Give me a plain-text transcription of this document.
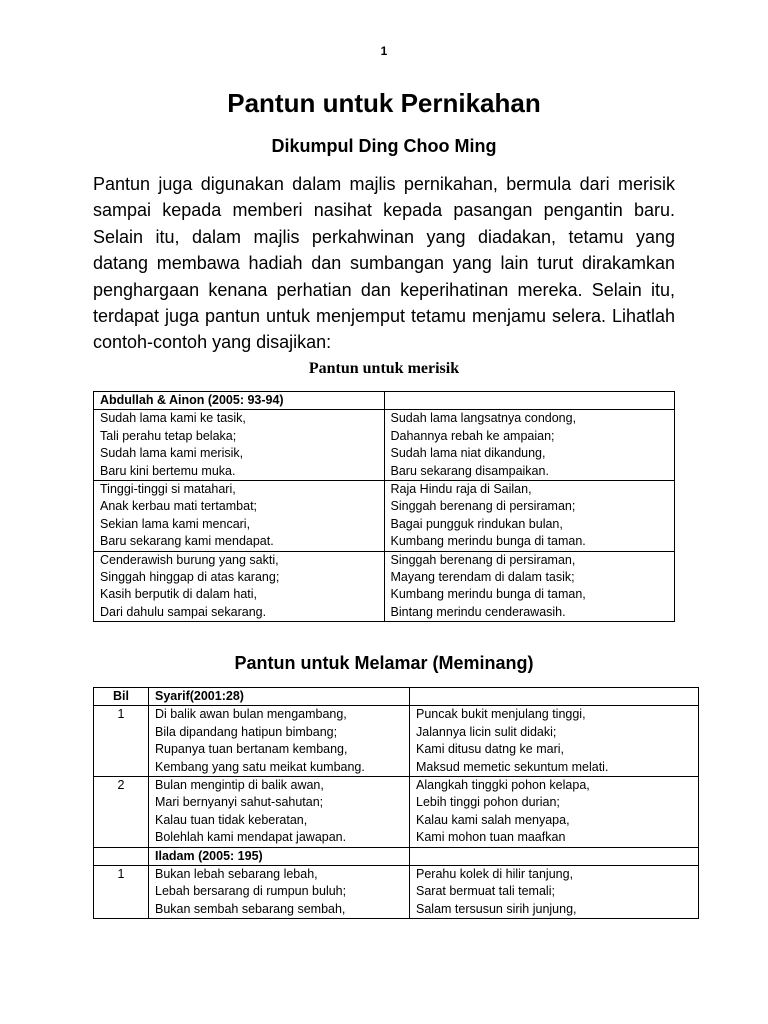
1
Pantun untuk Pernikahan
Dikumpul Ding Choo Ming

Pantun juga digunakan dalam majlis pernikahan, bermula dari merisik sampai kepada memberi nasihat kepada pasangan pengantin baru. Selain itu, dalam majlis perkahwinan yang diadakan, tetamu yang datang membawa hadiah dan sumbangan yang lain turut dirakamkan penghargaan kenana perhatian dan keperihatinan mereka. Selain itu, terdapat juga pantun untuk menjemput tetamu menjamu selera. Lihatlah contoh-contoh yang disajikan:

Pantun untuk merisik
Abdullah & Ainon (2005: 93-94)	

Sudah lama kami ke tasik,
Tali perahu tetap belaka;
Sudah lama kami merisik,
Baru kini bertemu muka.	Sudah lama langsatnya condong,
Dahannya rebah ke ampaian;
Sudah lama niat dikandung,
Baru sekarang disampaikan.

Tinggi-tinggi si matahari,
Anak kerbau mati tertambat;
Sekian lama kami mencari,
Baru sekarang kami mendapat.	Raja Hindu raja di Sailan,
Singgah berenang di persiraman;
Bagai pungguk rindukan bulan,
Kumbang merindu bunga di taman.

Cenderawish burung yang sakti,
Singgah hinggap di atas karang;
Kasih berputik di dalam hati,
Dari dahulu sampai sekarang.	Singgah berenang di persiraman,
Mayang terendam di dalam tasik;
Kumbang merindu bunga di taman,
Bintang merindu cenderawasih.
Pantun untuk Melamar (Meminang)
Bil	Syarif(2001:28)	
1	Di balik awan bulan mengambang,
Bila dipandang hatipun bimbang;
Rupanya tuan bertanam kembang,
Kembang yang satu meikat kumbang.	Puncak bukit menjulang tinggi,
Jalannya licin sulit didaki;
Kami ditusu datng ke mari,
Maksud memetic sekuntum melati.

2	Bulan mengintip di balik awan,
Mari bernyanyi sahut-sahutan;
Kalau tuan tidak keberatan,
Bolehlah kami mendapat jawapan.	Alangkah tinggki pohon kelapa,
Lebih tinggi pohon durian;
Kalau kami salah menyapa,
Kami mohon tuan maafkan

	Iladam (2005: 195)	
1	Bukan lebah sebarang lebah,
Lebah bersarang di rumpun buluh;
Bukan sembah sebarang sembah,	Perahu kolek di hilir tanjung,
Sarat bermuat tali temali;
Salam tersusun sirih junjung,
